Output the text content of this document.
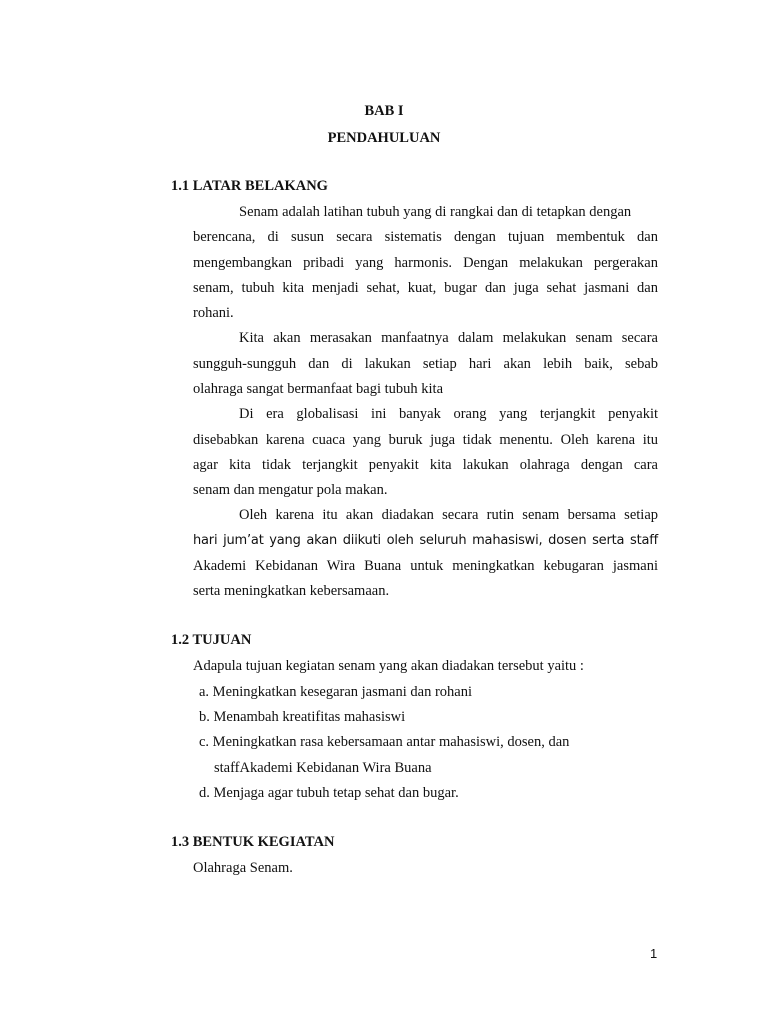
BAB I
PENDAHULUAN
1.1 LATAR BELAKANG
Senam adalah latihan tubuh yang di rangkai dan di tetapkan dengan
berencana, di susun secara sistematis dengan tujuan membentuk dan
mengembangkan pribadi yang harmonis. Dengan melakukan pergerakan
senam, tubuh kita menjadi sehat, kuat, bugar dan juga sehat jasmani dan
rohani.
Kita akan merasakan manfaatnya dalam melakukan senam secara
sungguh-sungguh dan di lakukan setiap hari akan lebih baik, sebab
olahraga sangat bermanfaat bagi tubuh kita
Di era globalisasi ini banyak orang yang terjangkit penyakit
disebabkan karena cuaca yang buruk juga tidak menentu. Oleh karena itu
agar kita tidak terjangkit penyakit kita lakukan olahraga dengan cara
senam dan mengatur pola makan.
Oleh karena itu akan diadakan secara rutin senam bersama setiap
hari jum’at yang akan diikuti oleh seluruh mahasiswi, dosen serta staff
Akademi Kebidanan Wira Buana untuk meningkatkan kebugaran jasmani
serta meningkatkan kebersamaan.
1.2 TUJUAN
Adapula tujuan kegiatan senam yang akan diadakan tersebut yaitu :
a. Meningkatkan kesegaran jasmani dan rohani
b. Menambah kreatifitas mahasiswi
c. Meningkatkan rasa kebersamaan antar mahasiswi, dosen, dan
staffAkademi Kebidanan Wira Buana
d. Menjaga agar tubuh tetap sehat dan bugar.
1.3 BENTUK KEGIATAN
Olahraga Senam.
1
